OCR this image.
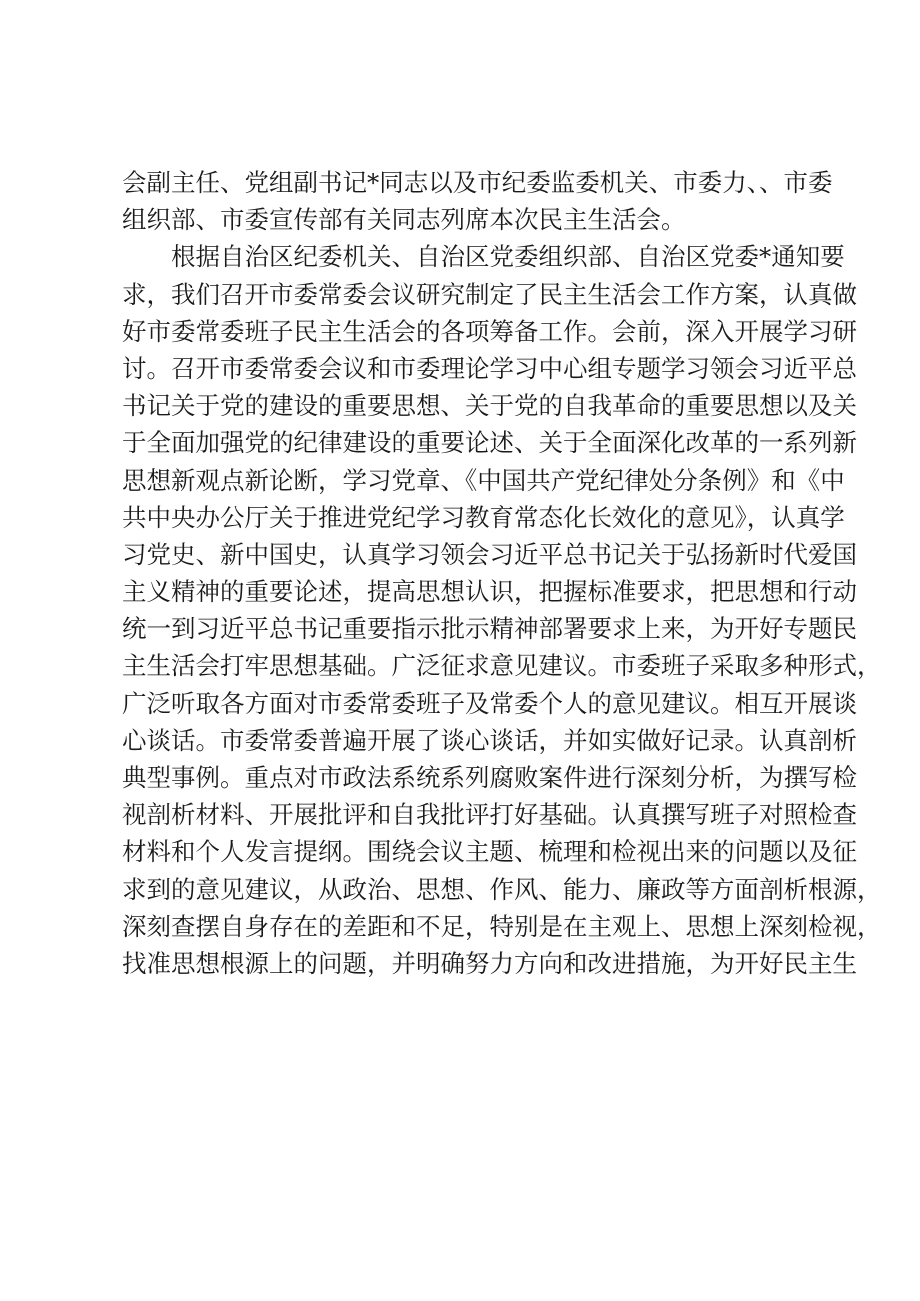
会副主任、党组副书记*同志以及市纪委监委机关、市委力、、市委
组织部、市委宣传部有关同志列席本次民主生活会。
根据自治区纪委机关、自治区党委组织部、自治区党委*通知要
求，我们召开市委常委会议研究制定了民主生活会工作方案，认真做
好市委常委班子民主生活会的各项筹备工作。会前，深入开展学习研
讨。召开市委常委会议和市委理论学习中心组专题学习领会习近平总
书记关于党的建设的重要思想、关于党的自我革命的重要思想以及关
于全面加强党的纪律建设的重要论述、关于全面深化改革的一系列新
思想新观点新论断，学习党章、《中国共产党纪律处分条例》和《中
共中央办公厅关于推进党纪学习教育常态化长效化的意见》，认真学
习党史、新中国史，认真学习领会习近平总书记关于弘扬新时代爱国
主义精神的重要论述，提高思想认识，把握标准要求，把思想和行动
统一到习近平总书记重要指示批示精神部署要求上来，为开好专题民
主生活会打牢思想基础。广泛征求意见建议。市委班子采取多种形式，
广泛听取各方面对市委常委班子及常委个人的意见建议。相互开展谈
心谈话。市委常委普遍开展了谈心谈话，并如实做好记录。认真剖析
典型事例。重点对市政法系统系列腐败案件进行深刻分析，为撰写检
视剖析材料、开展批评和自我批评打好基础。认真撰写班子对照检查
材料和个人发言提纲。围绕会议主题、梳理和检视出来的问题以及征
求到的意见建议，从政治、思想、作风、能力、廉政等方面剖析根源，
深刻查摆自身存在的差距和不足，特别是在主观上、思想上深刻检视，
找准思想根源上的问题，并明确努力方向和改进措施，为开好民主生
